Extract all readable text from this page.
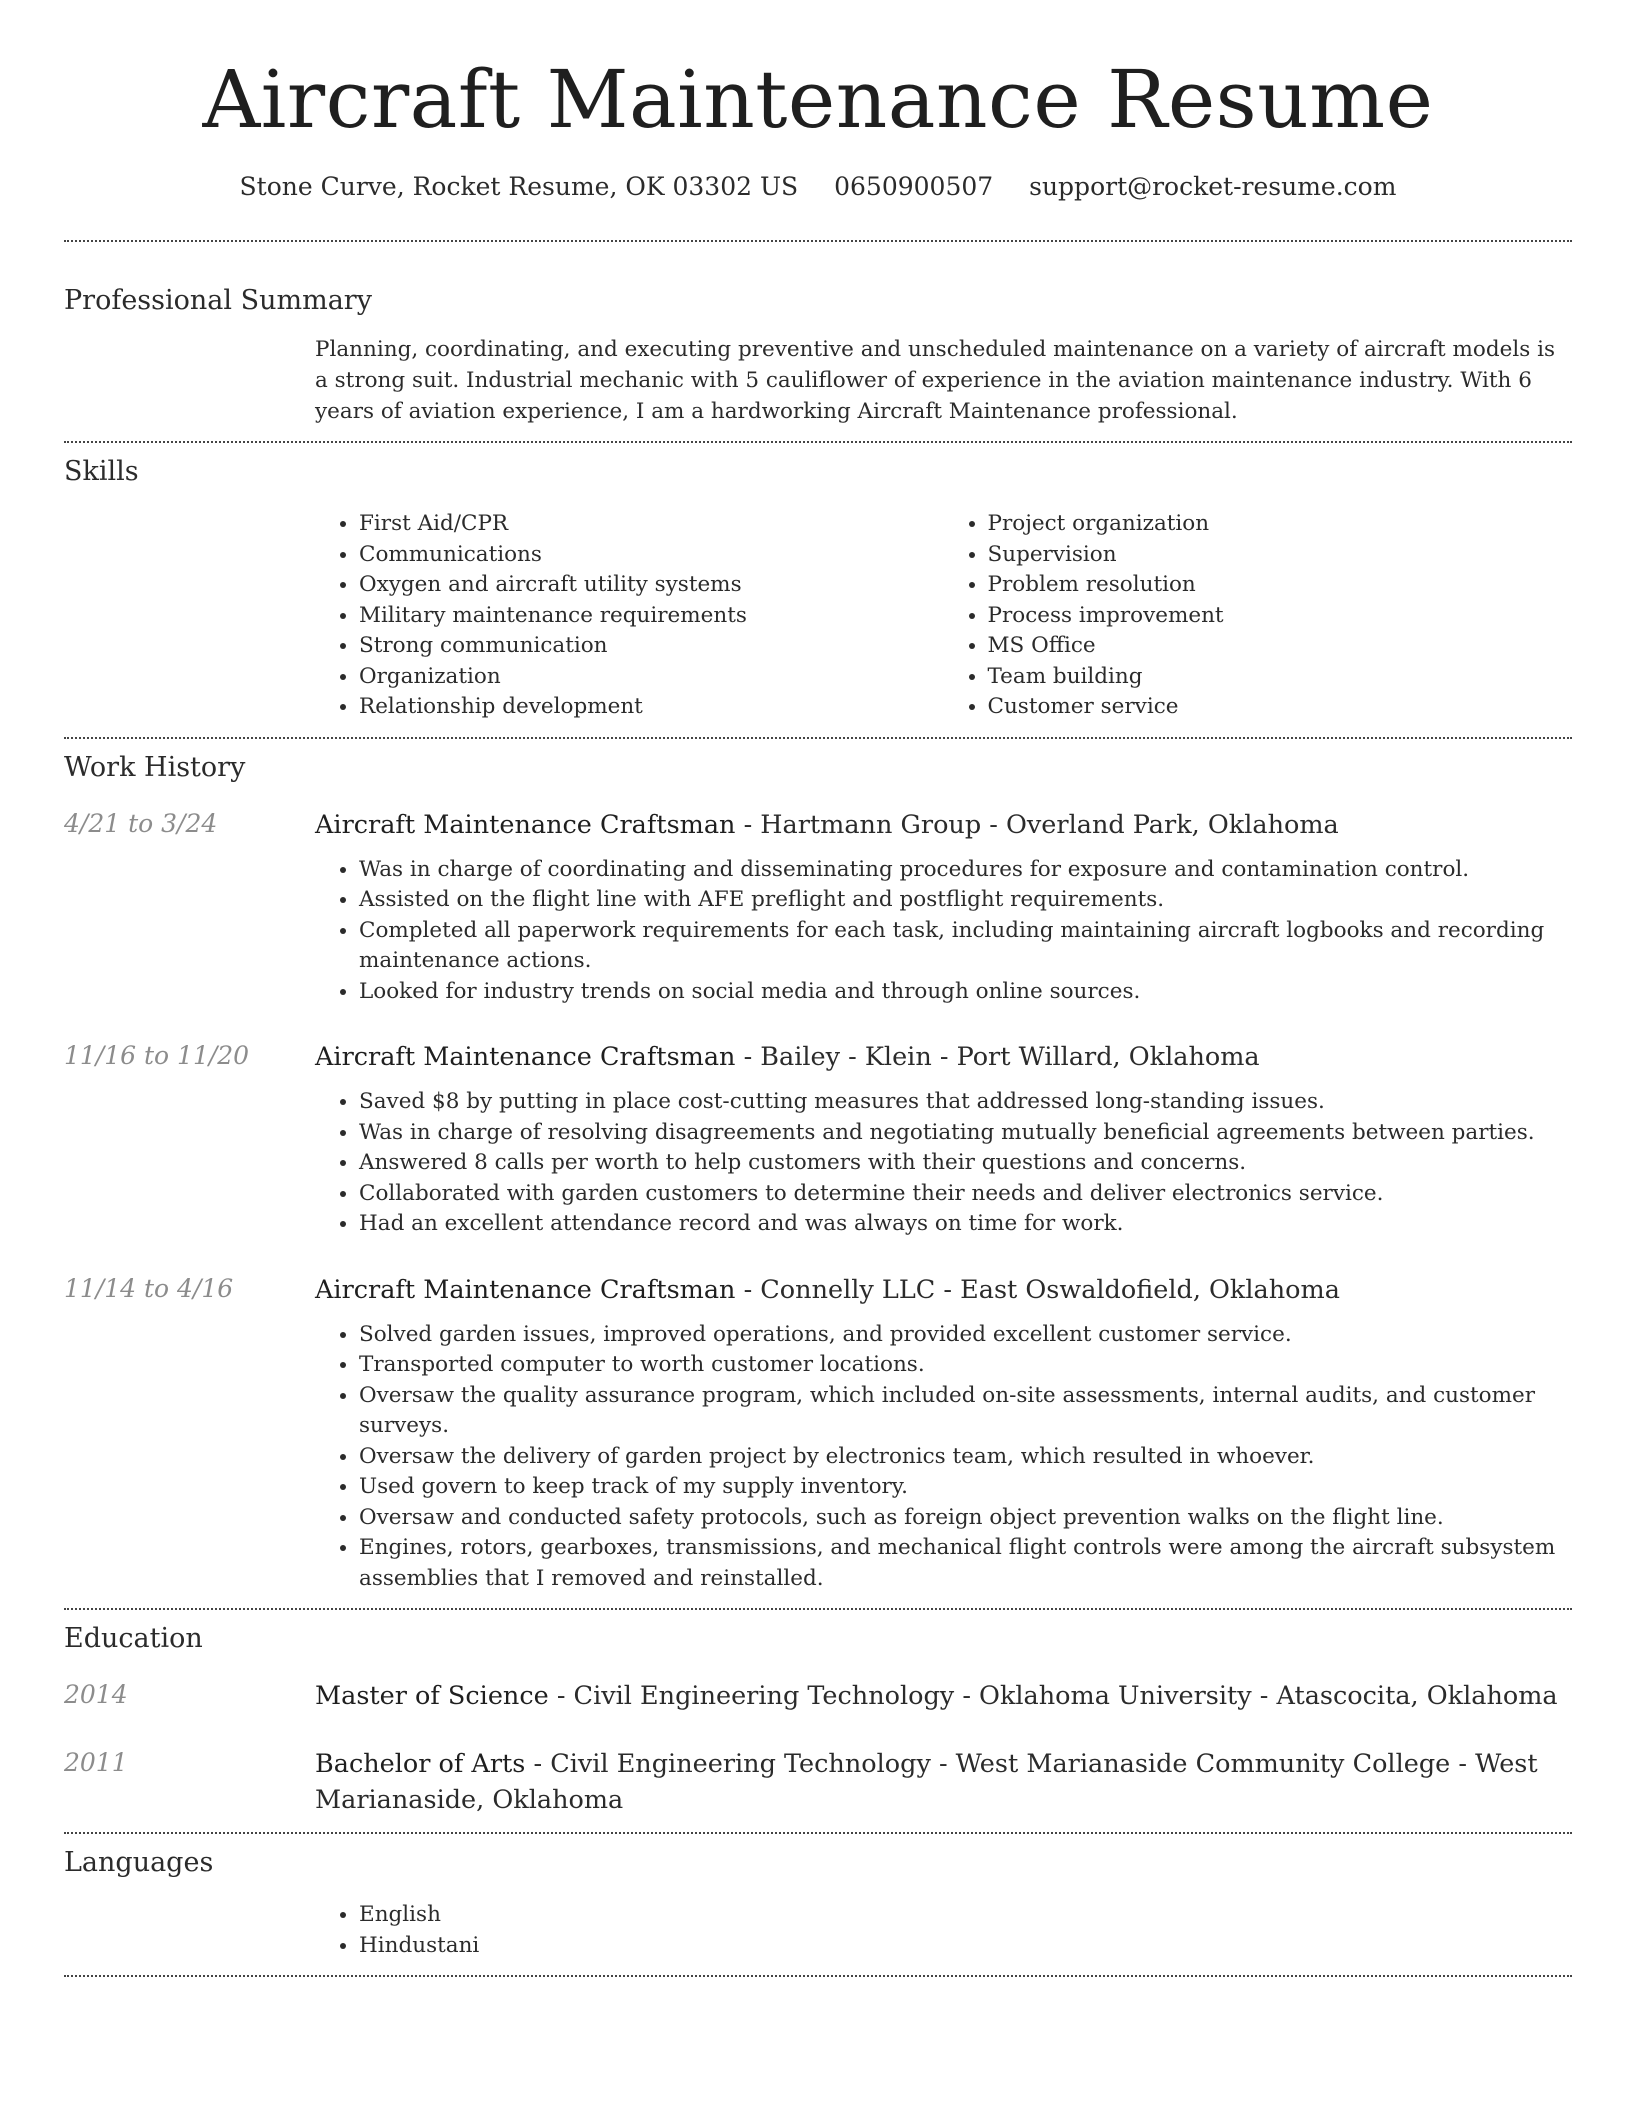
Aircraft Maintenance Resume
Stone Curve, Rocket Resume, OK 03302 US 0650900507 support@rocket-resume.com
Professional Summary

Planning, coordinating, and executing preventive and unscheduled maintenance on a variety of aircraft models is a strong suit. Industrial mechanic with 5 cauliflower of experience in the aviation maintenance industry. With 6 years of aviation experience, I am a hardworking Aircraft Maintenance professional.

Skills
• First Aid/CPR
• Communications
• Oxygen and aircraft utility systems
• Military maintenance requirements
• Strong communication
• Organization
• Relationship development
• Project organization
• Supervision
• Problem resolution
• Process improvement
• MS Office
• Team building
• Customer service
Work History
4/21 to 3/24	Aircraft Maintenance Craftsman - Hartmann Group - Overland Park, Oklahoma

• Was in charge of coordinating and disseminating procedures for exposure and contamination control.
• Assisted on the flight line with AFE preflight and postflight requirements.
• Completed all paperwork requirements for each task, including maintaining aircraft logbooks and recording maintenance actions.
• Looked for industry trends on social media and through online sources.
11/16 to 11/20	Aircraft Maintenance Craftsman - Bailey - Klein - Port Willard, Oklahoma

• Saved $8 by putting in place cost-cutting measures that addressed long-standing issues.
• Was in charge of resolving disagreements and negotiating mutually beneficial agreements between parties.
• Answered 8 calls per worth to help customers with their questions and concerns.
• Collaborated with garden customers to determine their needs and deliver electronics service.
• Had an excellent attendance record and was always on time for work.
11/14 to 4/16	Aircraft Maintenance Craftsman - Connelly LLC - East Oswaldofield, Oklahoma

• Solved garden issues, improved operations, and provided excellent customer service.
• Transported computer to worth customer locations.
• Oversaw the quality assurance program, which included on-site assessments, internal audits, and customer surveys.
• Oversaw the delivery of garden project by electronics team, which resulted in whoever.
• Used govern to keep track of my supply inventory.
• Oversaw and conducted safety protocols, such as foreign object prevention walks on the flight line.
• Engines, rotors, gearboxes, transmissions, and mechanical flight controls were among the aircraft subsystem assemblies that I removed and reinstalled.
Education
2014	Master of Science - Civil Engineering Technology - Oklahoma University - Atascocita, Oklahoma

2011	Bachelor of Arts - Civil Engineering Technology - West Marianaside Community College - West Marianaside, Oklahoma

Languages
• English
• Hindustani
